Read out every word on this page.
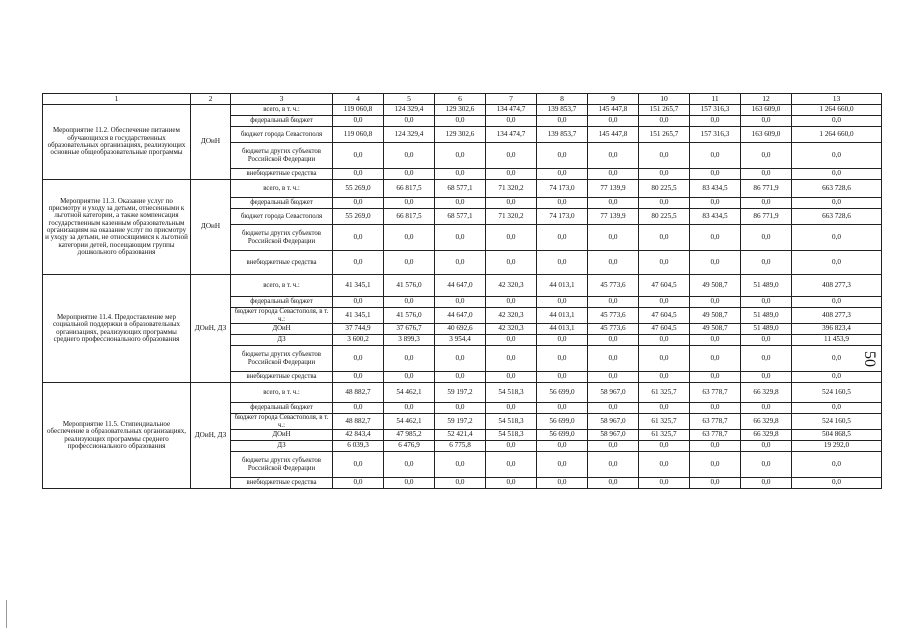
1	2	3	4	5	6	7	8	9	10	11	12	13
Мероприятие 11.2. Обеспечение питанием обучающихся в государственных образовательных организациях, реализующих основные общеобразовательные программы	ДОиН	всего, в т. ч.:	119 060,8	124 329,4	129 302,6	134 474,7	139 853,7	145 447,8	151 265,7	157 316,3	163 609,0	1 264 660,0
		федеральный бюджет	0,0	0,0	0,0	0,0	0,0	0,0	0,0	0,0	0,0	0,0
		бюджет города Севастополя	119 060,8	124 329,4	129 302,6	134 474,7	139 853,7	145 447,8	151 265,7	157 316,3	163 609,0	1 264 660,0
		бюджеты других субъектов Российской Федерации	0,0	0,0	0,0	0,0	0,0	0,0	0,0	0,0	0,0	0,0
		внебюджетные средства	0,0	0,0	0,0	0,0	0,0	0,0	0,0	0,0	0,0	0,0
Мероприятие 11.3. Оказание услуг по присмотру и уходу за детьми, отнесенными к льготной категории, а также компенсация государственным казенным образовательным организациям на оказание услуг по присмотру и уходу за детьми, не относящимися к льготной категории детей, посещающим группы дошкольного образования	ДОиН	всего, в т. ч.:	55 269,0	66 817,5	68 577,1	71 320,2	74 173,0	77 139,9	80 225,5	83 434,5	86 771,9	663 728,6
		федеральный бюджет	0,0	0,0	0,0	0,0	0,0	0,0	0,0	0,0	0,0	0,0
		бюджет города Севастополя	55 269,0	66 817,5	68 577,1	71 320,2	74 173,0	77 139,9	80 225,5	83 434,5	86 771,9	663 728,6
		бюджеты других субъектов Российской Федерации	0,0	0,0	0,0	0,0	0,0	0,0	0,0	0,0	0,0	0,0
		внебюджетные средства	0,0	0,0	0,0	0,0	0,0	0,0	0,0	0,0	0,0	0,0
Мероприятие 11.4. Предоставление мер социальной поддержки в образовательных организациях, реализующих программы среднего профессионального образования	ДОиН, ДЗ	всего, в т. ч.:	41 345,1	41 576,0	44 647,0	42 320,3	44 013,1	45 773,6	47 604,5	49 508,7	51 489,0	408 277,3
		федеральный бюджет	0,0	0,0	0,0	0,0	0,0	0,0	0,0	0,0	0,0	0,0
		бюджет города Севастополя, в т. ч.:	41 345,1	41 576,0	44 647,0	42 320,3	44 013,1	45 773,6	47 604,5	49 508,7	51 489,0	408 277,3
		ДОиН	37 744,9	37 676,7	40 692,6	42 320,3	44 013,1	45 773,6	47 604,5	49 508,7	51 489,0	396 823,4
		ДЗ	3 600,2	3 899,3	3 954,4	0,0	0,0	0,0	0,0	0,0	0,0	11 453,9
		бюджеты других субъектов Российской Федерации	0,0	0,0	0,0	0,0	0,0	0,0	0,0	0,0	0,0	0,0
		внебюджетные средства	0,0	0,0	0,0	0,0	0,0	0,0	0,0	0,0	0,0	0,0
Мероприятие 11.5. Стипендиальное обеспечение в образовательных организациях, реализующих программы среднего профессионального образования	ДОиН, ДЗ	всего, в т. ч.:	48 882,7	54 462,1	59 197,2	54 518,3	56 699,0	58 967,0	61 325,7	63 778,7	66 329,8	524 160,5
		федеральный бюджет	0,0	0,0	0,0	0,0	0,0	0,0	0,0	0,0	0,0	0,0
		бюджет города Севастополя, в т. ч.:	48 882,7	54 462,1	59 197,2	54 518,3	56 699,0	58 967,0	61 325,7	63 778,7	66 329,8	524 160,5
		ДОиН	42 843,4	47 985,2	52 421,4	54 518,3	56 699,0	58 967,0	61 325,7	63 778,7	66 329,8	504 868,5
		ДЗ	6 039,3	6 476,9	6 775,8	0,0	0,0	0,0	0,0	0,0	0,0	19 292,0
		бюджеты других субъектов Российской Федерации	0,0	0,0	0,0	0,0	0,0	0,0	0,0	0,0	0,0	0,0
		внебюджетные средства	0,0	0,0	0,0	0,0	0,0	0,0	0,0	0,0	0,0	0,0
50
